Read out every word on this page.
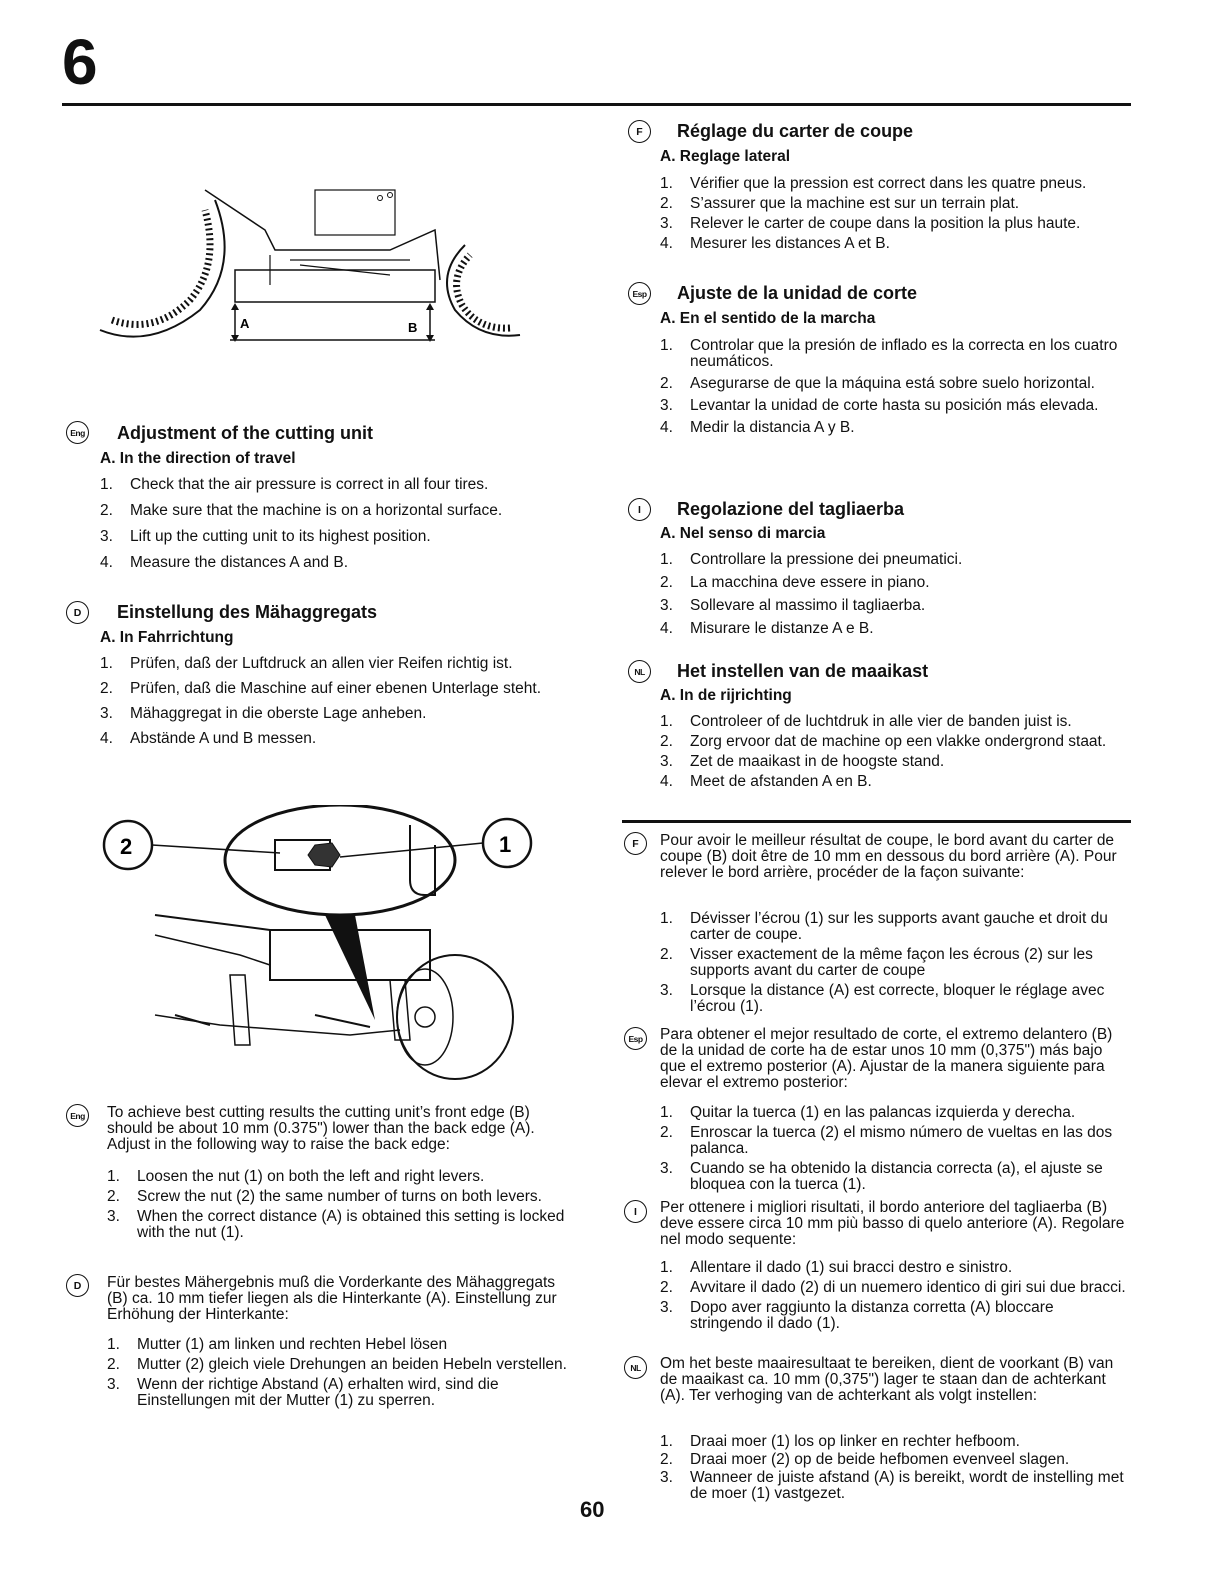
6
A	B
Eng Adjustment of the cutting unit
A. In the direction of travel
1.	Check that the air pressure is correct in all four tires.
2.	Make sure that the machine is on a horizontal surface.
3.	Lift up the cutting unit to its highest position.
4.	Measure the distances A and B.
D	Einstellung des Mähaggregats
A. In Fahrrichtung
1.	Prüfen, daß der Luftdruck an allen vier Reifen richtig ist.
2.	Prüfen, daß die Maschine auf einer ebenen Unterlage steht.
3.	Mähaggregat in die oberste Lage anheben.
4.	Abstände A und B messen.
2	1
Eng To achieve best cutting results the cutting unit’s front edge (B) should be about 10 mm (0.375") lower than the back edge (A). Adjust in the following way to raise the back edge:
1.	Loosen the nut (1) on both the left and right levers.
2.	Screw the nut (2) the same number of turns on both levers.
3.	When the correct distance (A) is obtained this setting is locked with the nut (1).
D	Für bestes Mähergebnis muß die Vorderkante des Mähaggregats (B) ca. 10 mm tiefer liegen als die Hinterkante (A). Einstellung zur Erhöhung der Hinterkante:
1.	Mutter (1) am linken und rechten Hebel lösen
2.	Mutter (2) gleich viele Drehungen an beiden Hebeln verstellen.
3.	Wenn der richtige Abstand (A) erhalten wird, sind die Einstellungen mit der Mutter (1) zu sperren.
F	Réglage du carter de coupe
A. Reglage lateral
1.	Vérifier que la pression est correct dans les quatre pneus.
2.	S’assurer que la machine est sur un terrain plat.
3.	Relever le carter de coupe dans la position la plus haute.
4.	Mesurer les distances A et B.
Esp Ajuste de la unidad de corte
A. En el sentido de la marcha
1.	Controlar que la presión de inflado es la correcta en los cuatro neumáticos.
2.	Asegurarse de que la máquina está sobre suelo horizontal.
3.	Levantar la unidad de corte hasta su posición más elevada.
4.	Medir la distancia A y B.
I	Regolazione del tagliaerba
A. Nel senso di marcia
1.	Controllare la pressione dei pneumatici.
2.	La macchina deve essere in piano.
3.	Sollevare al massimo il tagliaerba.
4.	Misurare le distanze A e B.
NL	Het instellen van de maaikast
A. In de rijrichting
1.	Controleer of de luchtdruk in alle vier de banden juist is.
2.	Zorg ervoor dat de machine op een vlakke ondergrond staat.
3.	Zet de maaikast in de hoogste stand.
4.	Meet de afstanden A en B.
F	Pour avoir le meilleur résultat de coupe, le bord avant du carter de coupe (B) doit être de 10 mm en dessous du bord arrière (A). Pour relever le bord arrière, procéder de la façon suivante:
1.	Dévisser l’écrou (1) sur les supports avant gauche et droit du carter de coupe.
2.	Visser exactement de la même façon les écrous (2) sur les supports avant du carter de coupe
3.	Lorsque la distance (A) est correcte, bloquer le réglage avec l’écrou (1).
Esp Para obtener el mejor resultado de corte, el extremo delantero (B) de la unidad de corte ha de estar unos 10 mm (0,375") más bajo que el extremo posterior (A). Ajustar de la manera siguiente para elevar el extremo posterior:
1.	Quitar la tuerca (1) en las palancas izquierda y derecha.
2.	Enroscar la tuerca (2) el mismo número de vueltas en las dos palanca.
3.	Cuando se ha obtenido la distancia correcta (a), el ajuste se bloquea con la tuerca (1).
I	Per ottenere i migliori risultati, il bordo anteriore del tagliaerba (B) deve essere circa 10 mm più basso di quelo anteriore (A). Regolare nel modo sequente:
1.	Allentare il dado (1) sui bracci destro e sinistro.
2.	Avvitare il dado (2) di un nuemero identico di giri sui due bracci.
3.	Dopo aver raggiunto la distanza corretta (A) bloccare stringendo il dado (1).
NL	Om het beste maairesultaat te bereiken, dient de voorkant (B) van de maaikast ca. 10 mm (0,375") lager te staan dan de achterkant (A). Ter verhoging van de achterkant als volgt instellen:
1.	Draai moer (1) los op linker en rechter hefboom.
2.	Draai moer (2) op de beide hefbomen evenveel slagen.
3.	Wanneer de juiste afstand (A) is bereikt, wordt de instelling met de moer (1) vastgezet.
60
